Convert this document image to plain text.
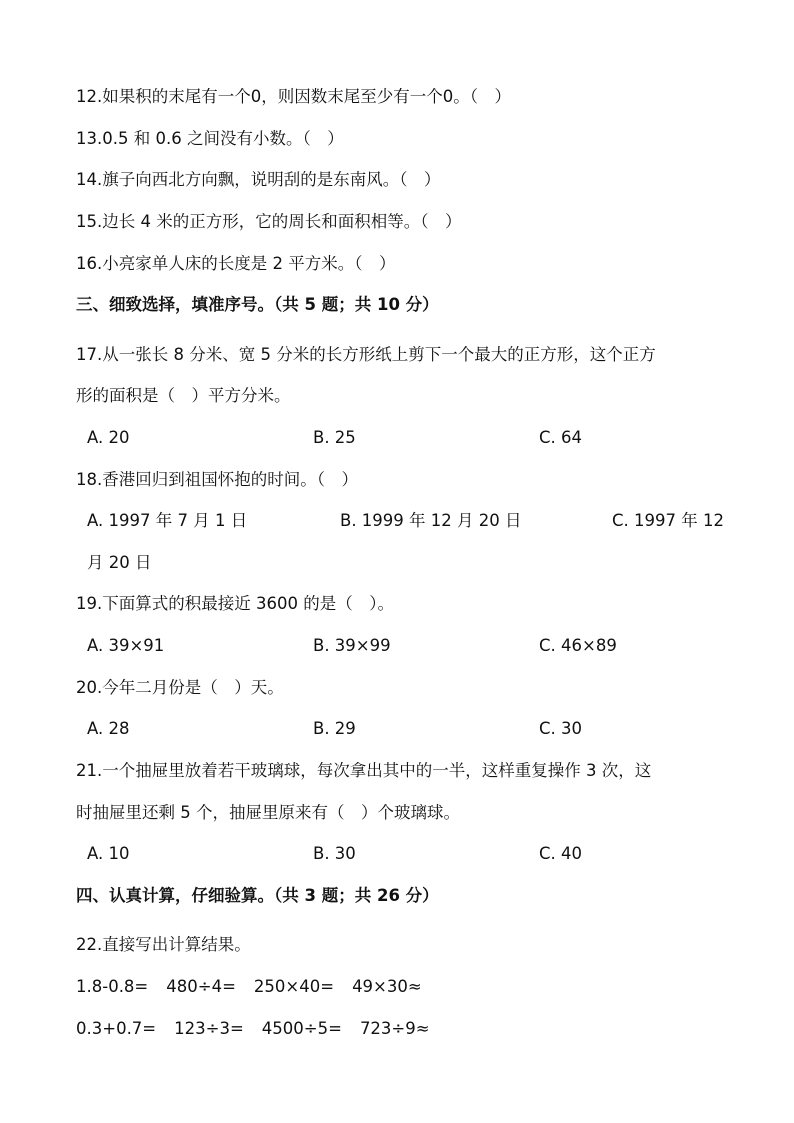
12.如果积的末尾有一个0，则因数末尾至少有一个0。（　）
13.0.5 和 0.6 之间没有小数。（　）
14.旗子向西北方向飘，说明刮的是东南风。（　）
15.边长 4 米的正方形，它的周长和面积相等。（　）
16.小亮家单人床的长度是 2 平方米。（　）
三、细致选择，填准序号。（共 5 题；共 10 分）
17.从一张长 8 分米、宽 5 分米的长方形纸上剪下一个最大的正方形，这个正方
形的面积是（　）平方分米。
A. 20	B. 25	C. 64
18.香港回归到祖国怀抱的时间。（　）
A. 1997 年 7 月 1 日	B. 1999 年 12 月 20 日	C. 1997 年 12
月 20 日
19.下面算式的积最接近 3600 的是（　）。
A. 39×91	B. 39×99	C. 46×89
20.今年二月份是（　）天。
A. 28	B. 29	C. 30
21.一个抽屉里放着若干玻璃球，每次拿出其中的一半，这样重复操作 3 次，这
时抽屉里还剩 5 个，抽屉里原来有（　）个玻璃球。
A. 10	B. 30	C. 40
四、认真计算，仔细验算。（共 3 题；共 26 分）
22.直接写出计算结果。
1.8-0.8= 480÷4= 250×40= 49×30≈
0.3+0.7= 123÷3= 4500÷5= 723÷9≈
